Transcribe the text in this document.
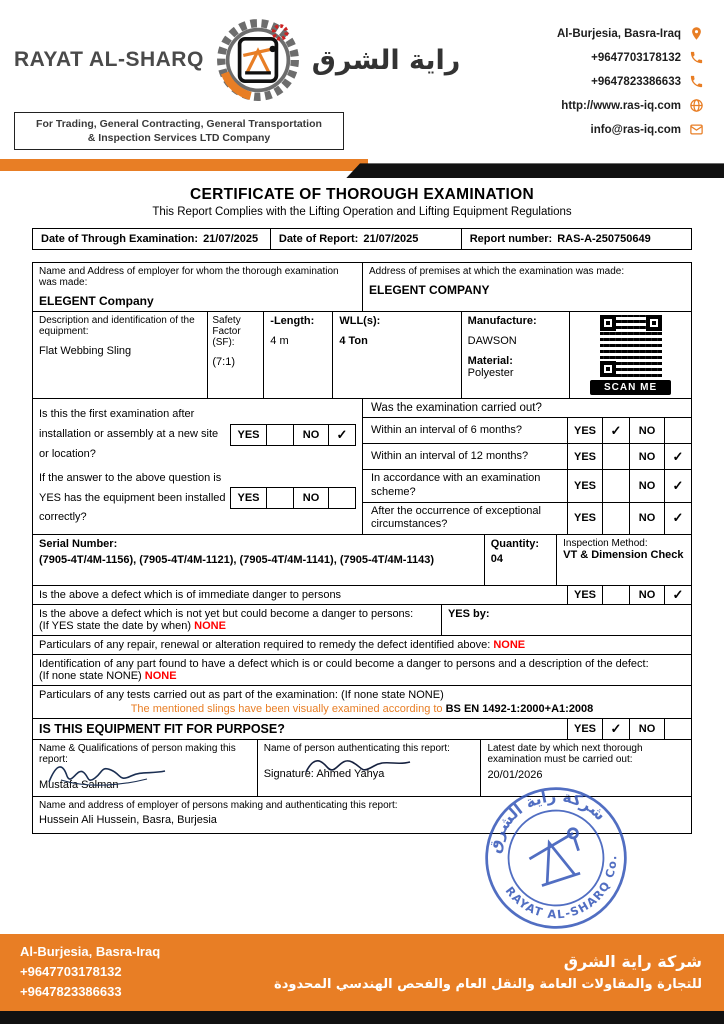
RAYAT AL-SHARQ	راية الشرق
For Trading, General Contracting, General Transportation
& Inspection Services LTD Company
Al-Burjesia, Basra-Iraq
+9647703178132
+9647823386633
http://www.ras-iq.com
info@ras-iq.com
CERTIFICATE OF THOROUGH EXAMINATION
This Report Complies with the Lifting Operation and Lifting Equipment Regulations
Date of Through Examination: 21/07/2025	Date of Report: 21/07/2025	Report number: RAS-A-250750649
Name and Address of employer for whom the thorough examination was made:
ELEGENT Company
Address of premises at which the examination was made:
ELEGENT COMPANY
Description and identification of the equipment:
Flat Webbing Sling
Safety Factor (SF):
(7:1)
-Length:
4 m
WLL(s):
4 Ton
Manufacture:
DAWSON
Material:
Polyester
SCAN ME
Is this the first examination after installation or assembly at a new site or location?
YES	NO	✓
If the answer to the above question is YES has the equipment been installed correctly?
YES	NO
Was the examination carried out?
Within an interval of 6 months?	YES	✓	NO
Within an interval of 12 months?	YES	NO	✓
In accordance with an examination scheme?	YES	NO	✓
After the occurrence of exceptional circumstances?	YES	NO	✓
Serial Number:
(7905-4T/4M-1156), (7905-4T/4M-1121), (7905-4T/4M-1141), (7905-4T/4M-1143)
Quantity:
04
Inspection Method:
VT & Dimension Check
Is the above a defect which is of immediate danger to persons	YES	NO	✓
Is the above a defect which is not yet but could become a danger to persons:
(If YES state the date by when) NONE
YES by:
Particulars of any repair, renewal or alteration required to remedy the defect identified above: NONE
Identification of any part found to have a defect which is or could become a danger to persons and a description of the defect:
(If none state NONE) NONE
Particulars of any tests carried out as part of the examination: (If none state NONE)
The mentioned slings have been visually examined according to BS EN 1492-1:2000+A1:2008
IS THIS EQUIPMENT FIT FOR PURPOSE?	YES	✓	NO
Name & Qualifications of person making this report:
Mustafa Salman
Name of person authenticating this report:
Signature: Ahmed Yahya
Latest date by which next thorough examination must be carried out:
20/01/2026
Name and address of employer of persons making and authenticating this report:
Hussein Ali Hussein, Basra, Burjesia
شركة راية الشرق
RAYAT AL-SHARQ Co.
Al-Burjesia, Basra-Iraq
+9647703178132
+9647823386633
شركة راية الشرق
للتجارة والمقاولات العامة والنقل العام والفحص الهندسي المحدودة
